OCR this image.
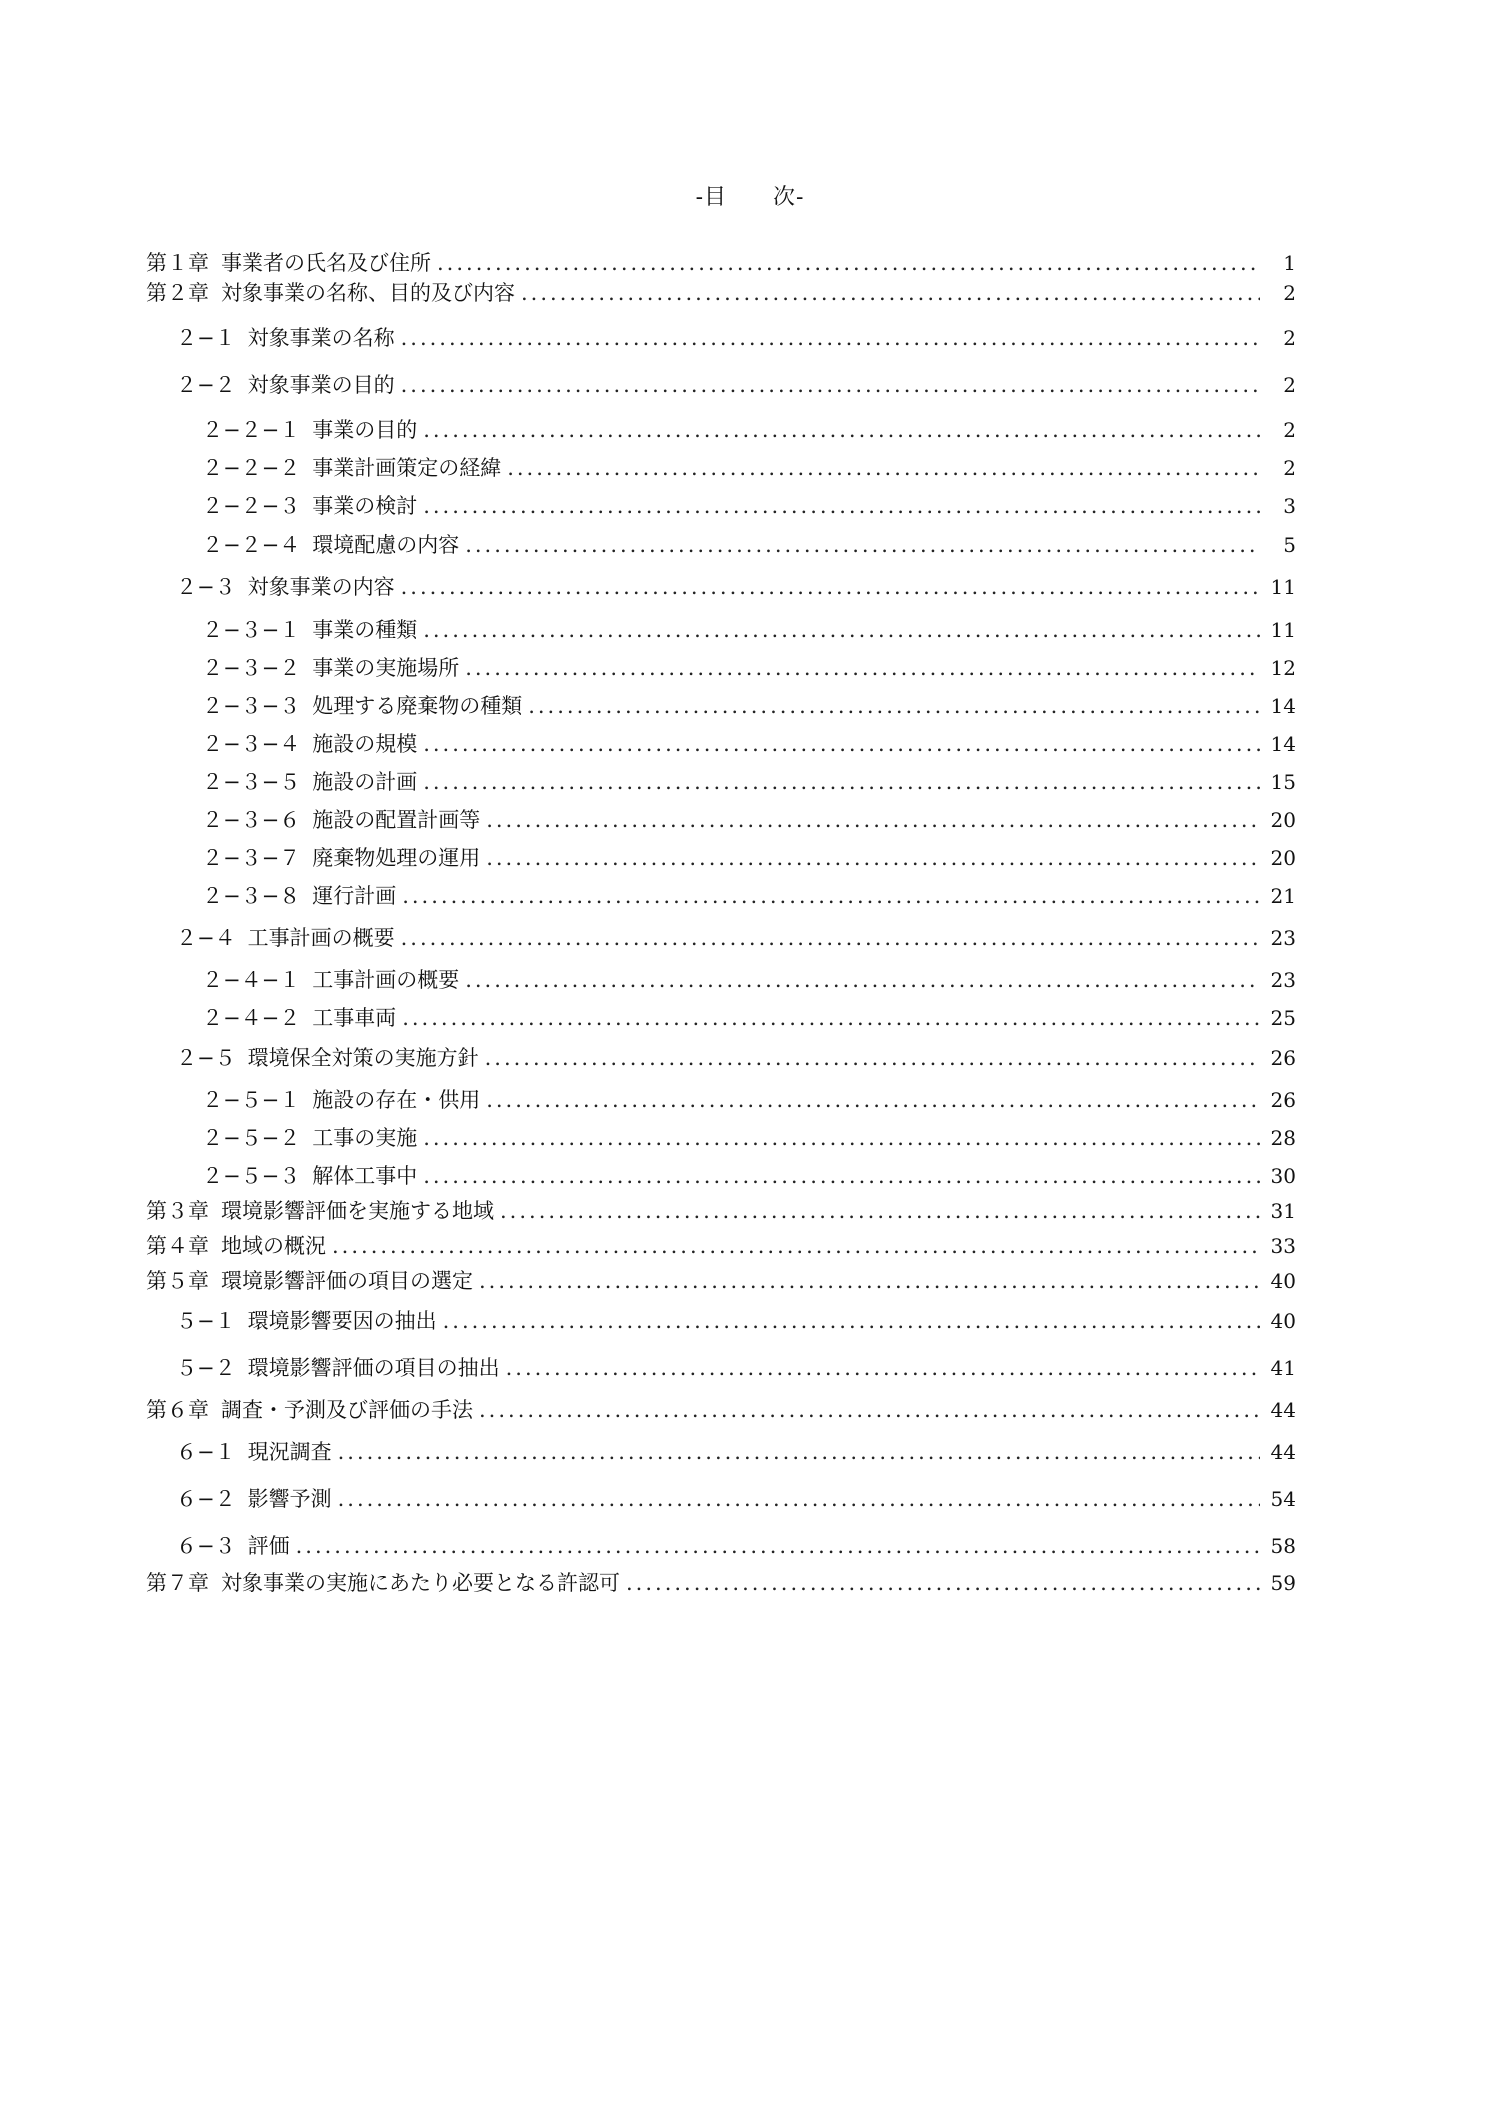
-目　　次-
第１章 事業者の氏名及び住所 .....	1
第２章 対象事業の名称、目的及び内容 .....	2
２−１ 対象事業の名称 .....	2
２−２ 対象事業の目的 .....	2
２−２−１ 事業の目的 .....	2
２−２−２ 事業計画策定の経緯 .....	2
２−２−３ 事業の検討 .....	3
２−２−４ 環境配慮の内容 .....	5
２−３ 対象事業の内容 .....	11
２−３−１ 事業の種類 .....	11
２−３−２ 事業の実施場所 .....	12
２−３−３ 処理する廃棄物の種類 .....	14
２−３−４ 施設の規模 .....	14
２−３−５ 施設の計画 .....	15
２−３−６ 施設の配置計画等 .....	20
２−３−７ 廃棄物処理の運用 .....	20
２−３−８ 運行計画 .....	21
２−４ 工事計画の概要 .....	23
２−４−１ 工事計画の概要 .....	23
２−４−２ 工事車両 .....	25
２−５ 環境保全対策の実施方針 .....	26
２−５−１ 施設の存在・供用 .....	26
２−５−２ 工事の実施 .....	28
２−５−３ 解体工事中 .....	30
第３章 環境影響評価を実施する地域 .....	31
第４章 地域の概況 .....	33
第５章 環境影響評価の項目の選定 .....	40
５−１ 環境影響要因の抽出 .....	40
５−２ 環境影響評価の項目の抽出 .....	41
第６章 調査・予測及び評価の手法 .....	44
６−１ 現況調査 .....	44
６−２ 影響予測 .....	54
６−３ 評価 .....	58
第７章 対象事業の実施にあたり必要となる許認可 .....	59
